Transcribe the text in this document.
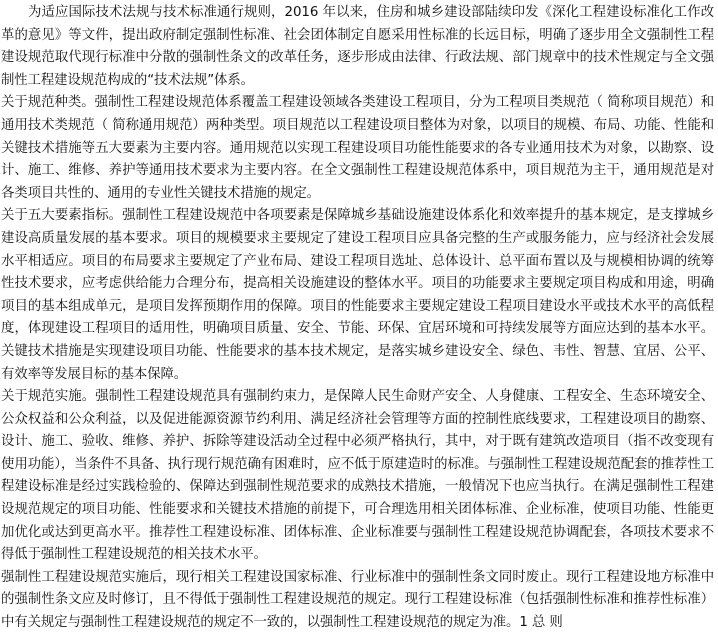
为适应国际技术法规与技术标准通行规则，2016 年以来，住房和城乡建设部陆续印发《深化工程建设标准化工作改革的意见》等文件，提出政府制定强制性标准、社会团体制定自愿采用性标准的长远目标，明确了逐步用全文强制性工程建设规范取代现行标准中分散的强制性条文的改革任务，逐步形成由法律、行政法规、部门规章中的技术性规定与全文强制性工程建设规范构成的“技术法规”体系。

关于规范种类。强制性工程建设规范体系覆盖工程建设领域各类建设工程项目，分为工程项目类规范（ 简称项目规范）和通用技术类规范（ 简称通用规范）两种类型。项目规范以工程建设项目整体为对象，以项目的规模、布局、功能、性能和关键技术措施等五大要素为主要内容。通用规范以实现工程建设项目功能性能要求的各专业通用技术为对象，以勘察、设计、施工、维修、养护等通用技术要求为主要内容。在全文强制性工程建设规范体系中，项目规范为主干，通用规范是对各类项目共性的、通用的专业性关键技术措施的规定。

关于五大要素指标。强制性工程建设规范中各项要素是保障城乡基础设施建设体系化和效率提升的基本规定，是支撑城乡建设高质量发展的基本要求。项目的规模要求主要规定了建设工程项目应具备完整的生产或服务能力，应与经济社会发展水平相适应。项目的布局要求主要规定了产业布局、建设工程项目选址、总体设计、总平面布置以及与规模相协调的统筹性技术要求，应考虑供给能力合理分布，提高相关设施建设的整体水平。项目的功能要求主要规定项目构成和用途，明确项目的基本组成单元，是项目发挥预期作用的保障。项目的性能要求主要规定建设工程项目建设水平或技术水平的高低程度，体现建设工程项目的适用性，明确项目质量、安全、节能、环保、宜居环境和可持续发展等方面应达到的基本水平。关键技术措施是实现建设项目功能、性能要求的基本技术规定，是落实城乡建设安全、绿色、韦性、智慧、宜居、公平、有效率等发展目标的基本保障。

关于规范实施。强制性工程建设规范具有强制约束力，是保障人民生命财产安全、人身健康、工程安全、生态环境安全、公众权益和公众利益，以及促进能源资源节约利用、满足经济社会管理等方面的控制性底线要求，工程建设项目的勘察、设计、施工、验收、维修、养护、拆除等建设活动全过程中必须严格执行，其中，对于既有建筑改造项目（指不改变现有使用功能），当条件不具备、执行现行规范确有困难时，应不低于原建造时的标准。与强制性工程建设规范配套的推荐性工程建设标准是经过实践检验的、保障达到强制性规范要求的成熟技术措施，一般情况下也应当执行。在满足强制性工程建设规范规定的项目功能、性能要求和关键技术措施的前提下，可合理选用相关团体标准、企业标准，使项目功能、性能更加优化或达到更高水平。推荐性工程建设标准、团体标准、企业标准要与强制性工程建设规范协调配套，各项技术要求不得低于强制性工程建设规范的相关技术水平。

强制性工程建设规范实施后，现行相关工程建设国家标准、行业标准中的强制性条文同时废止。现行工程建设地方标准中的强制性条文应及时修订，且不得低于强制性工程建设规范的规定。现行工程建设标准（包括强制性标准和推荐性标准）中有关规定与强制性工程建设规范的规定不一致的，以强制性工程建设规范的规定为准。1 总 则
